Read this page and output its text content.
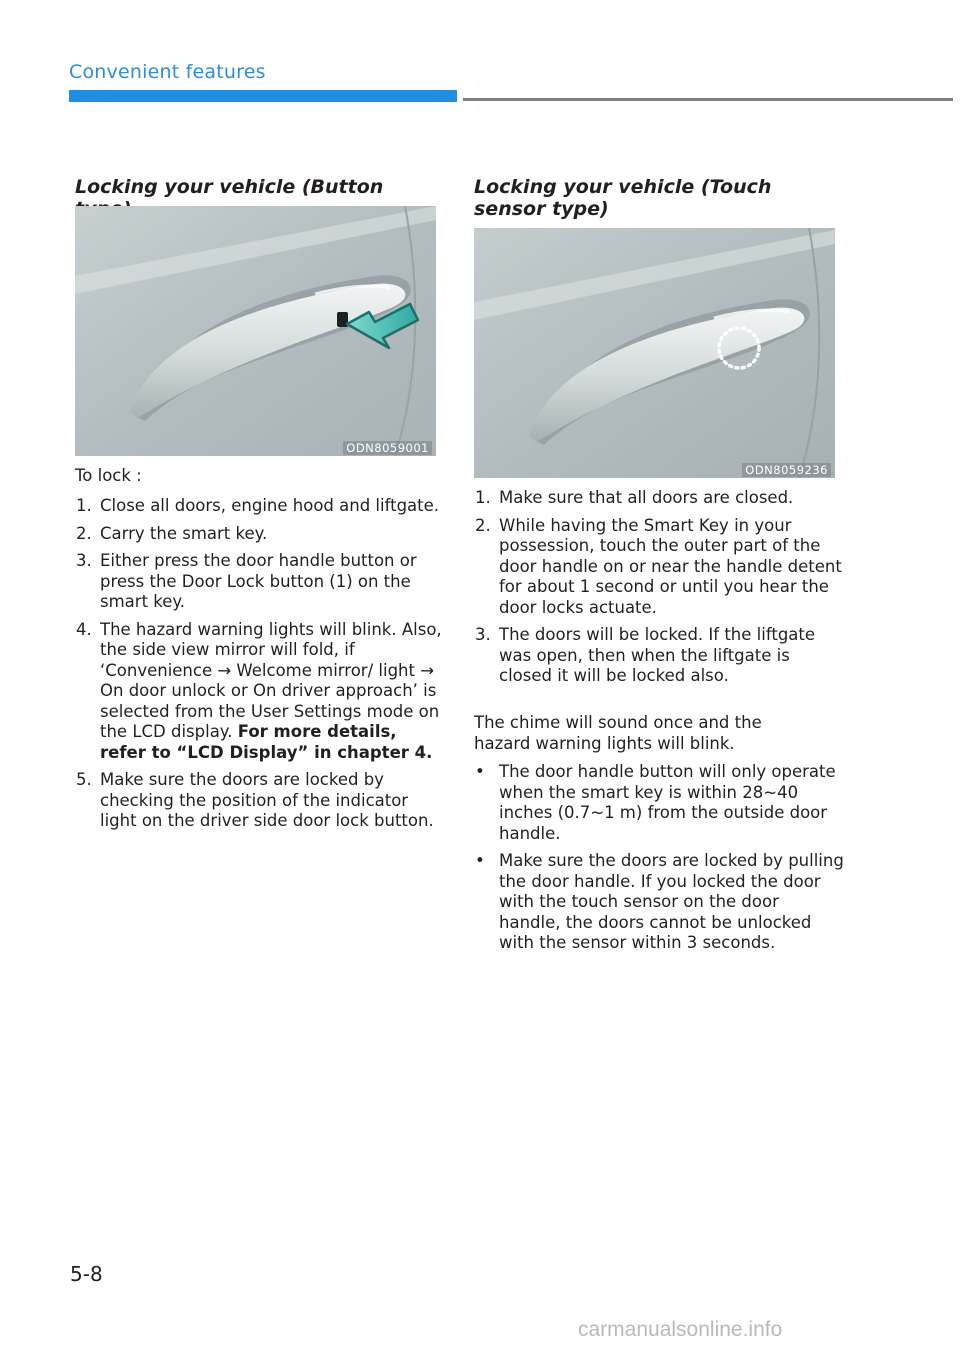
Convenient features
Locking your vehicle (Button
ODN8059001
To lock :
1. Close all doors, engine hood and liftgate.
2. Carry the smart key.
3. Either press the door handle button or press the Door Lock button (1) on the smart key.
4. The hazard warning lights will blink. Also, the side view mirror will fold, if ‘Convenience → Welcome mirror/ light → On door unlock or On driver approach’ is selected from the User Settings mode on the LCD display. For more details, refer to “LCD Display” in chapter 4.
5. Make sure the doors are locked by checking the position of the indicator light on the driver side door lock button.
Locking your vehicle (Touch sensor type)
ODN8059236
1. Make sure that all doors are closed.
2. While having the Smart Key in your possession, touch the outer part of the door handle on or near the handle detent for about 1 second or until you hear the door locks actuate.
3. The doors will be locked. If the liftgate was open, then when the liftgate is closed it will be locked also.
The chime will sound once and the hazard warning lights will blink.
• The door handle button will only operate when the smart key is within 28~40 inches (0.7~1 m) from the outside door handle.
• Make sure the doors are locked by pulling the door handle. If you locked the door with the touch sensor on the door handle, the doors cannot be unlocked with the sensor within 3 seconds.
5-8
carmanualsonline.info
